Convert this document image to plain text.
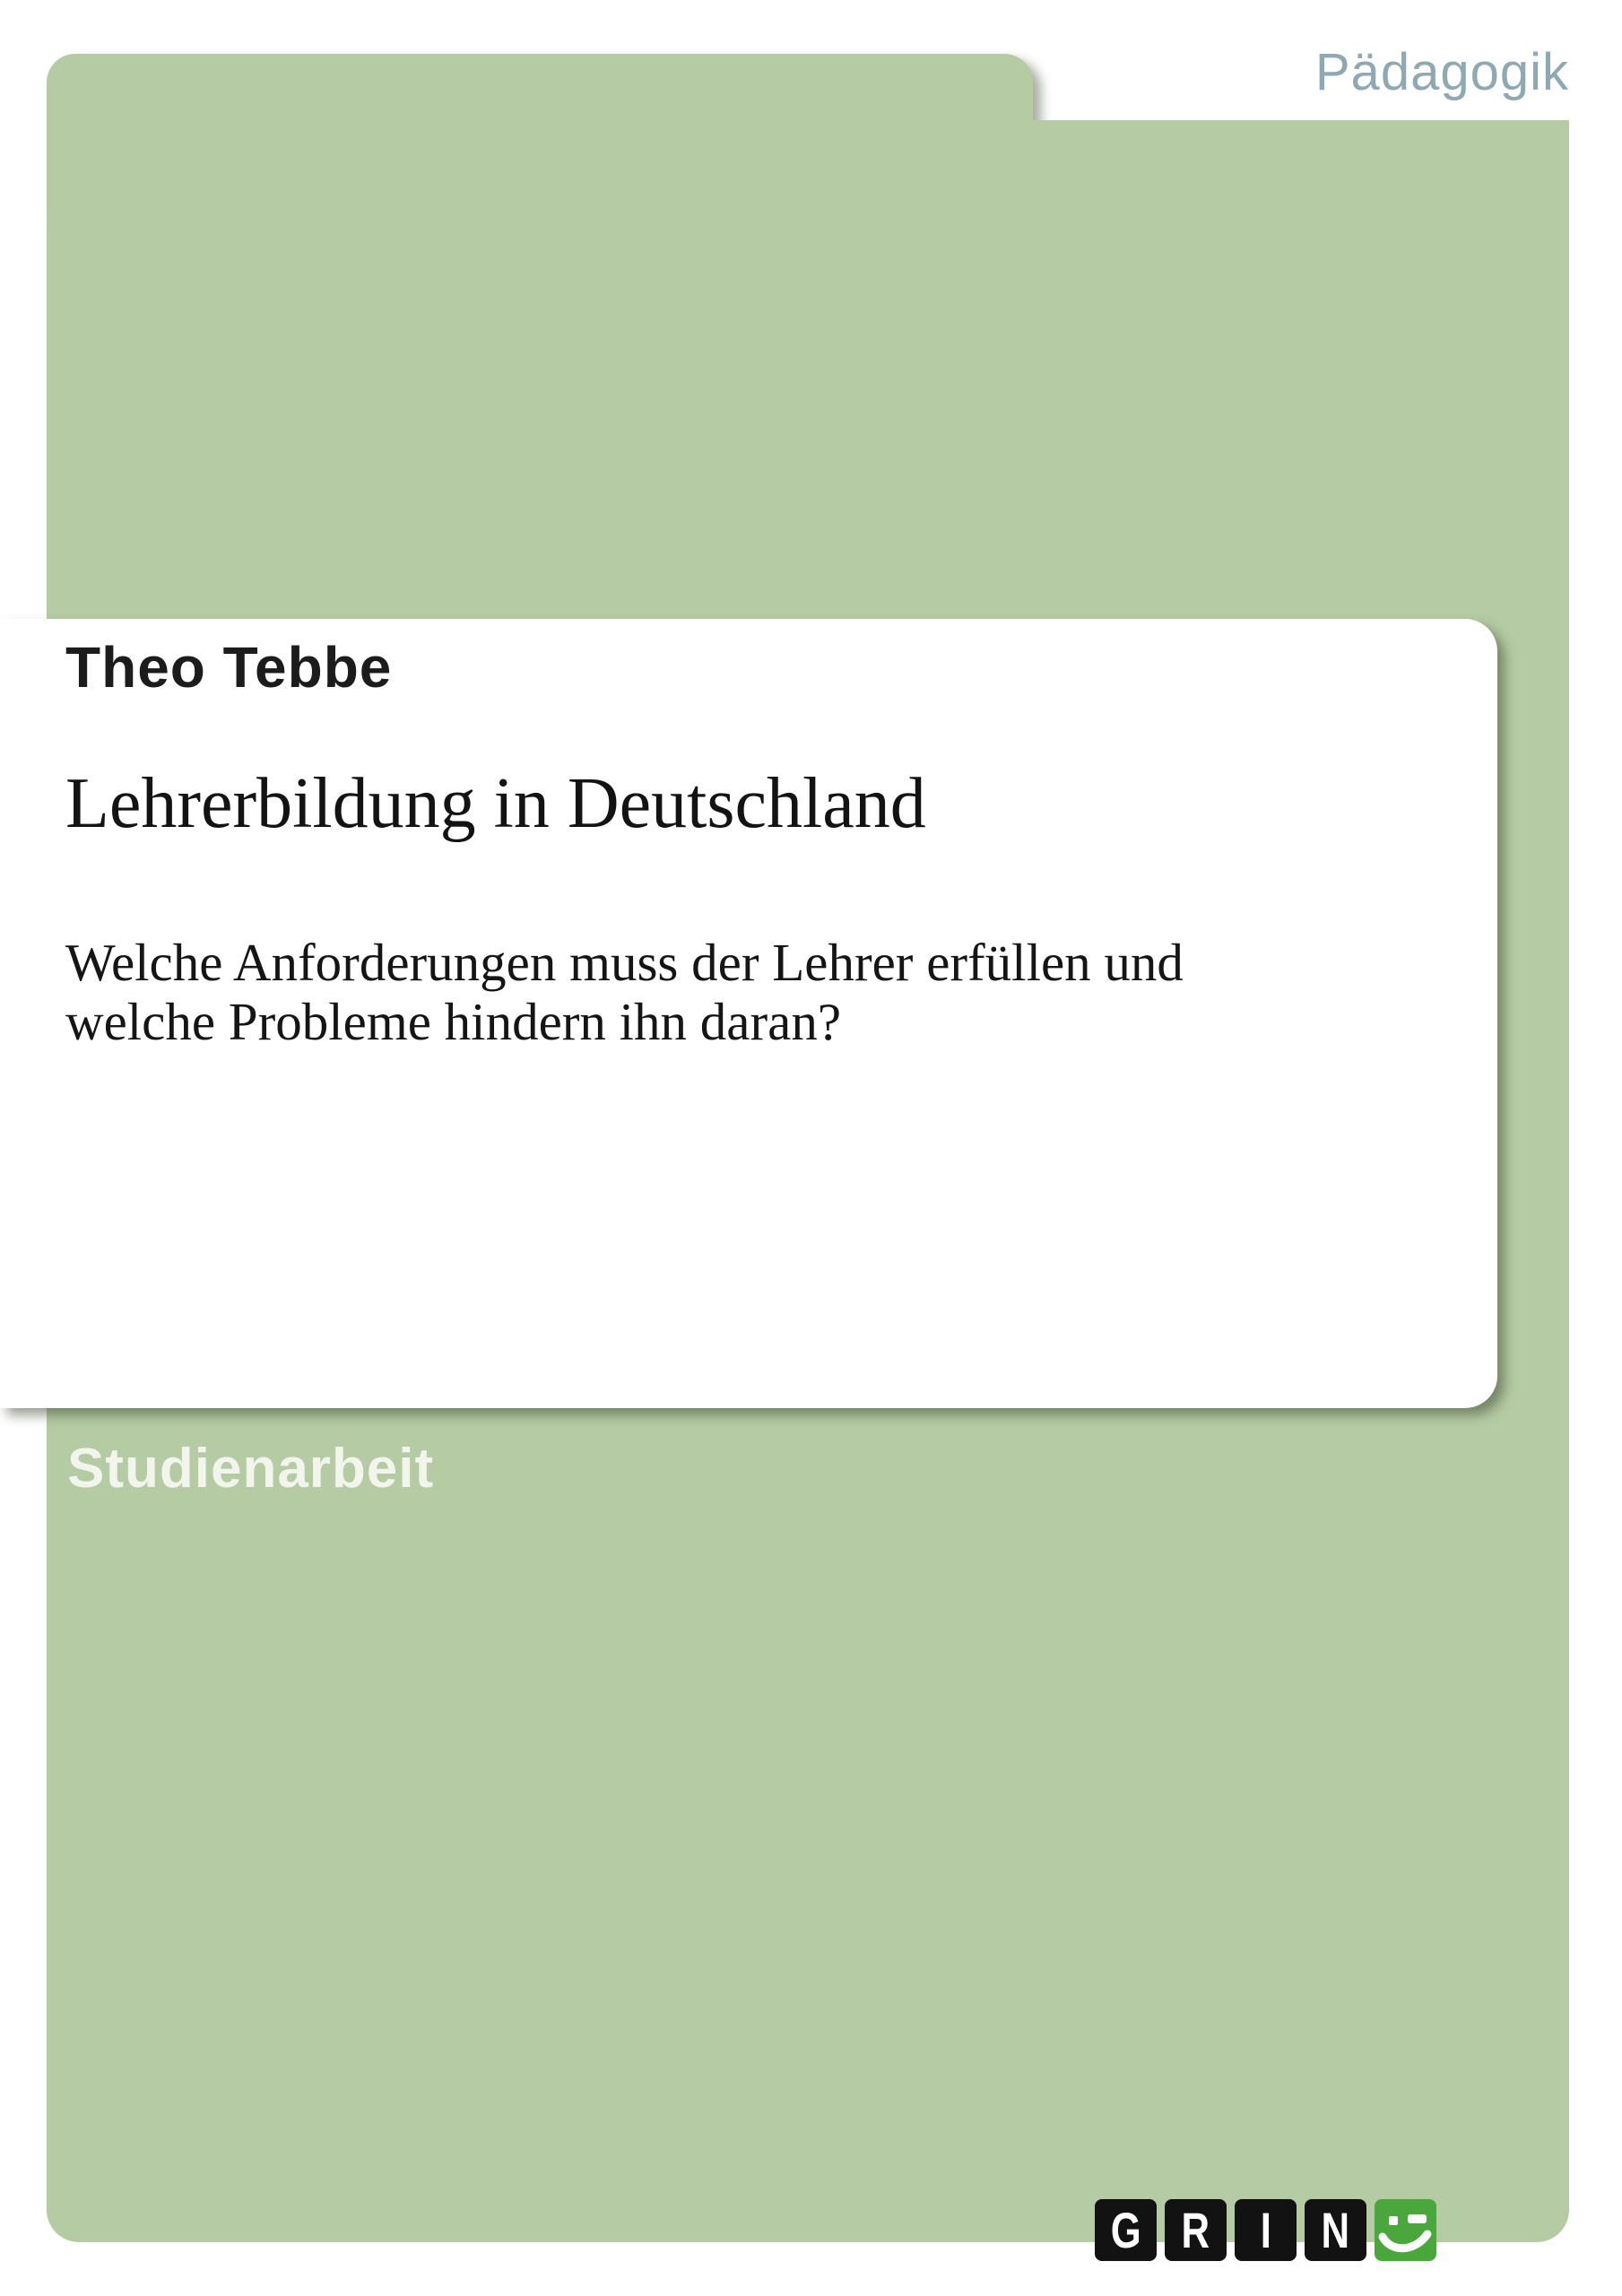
Pädagogik
Theo Tebbe
Lehrerbildung in Deutschland
Welche Anforderungen muss der Lehrer erfüllen und
welche Probleme hindern ihn daran?
Studienarbeit
G R I N
